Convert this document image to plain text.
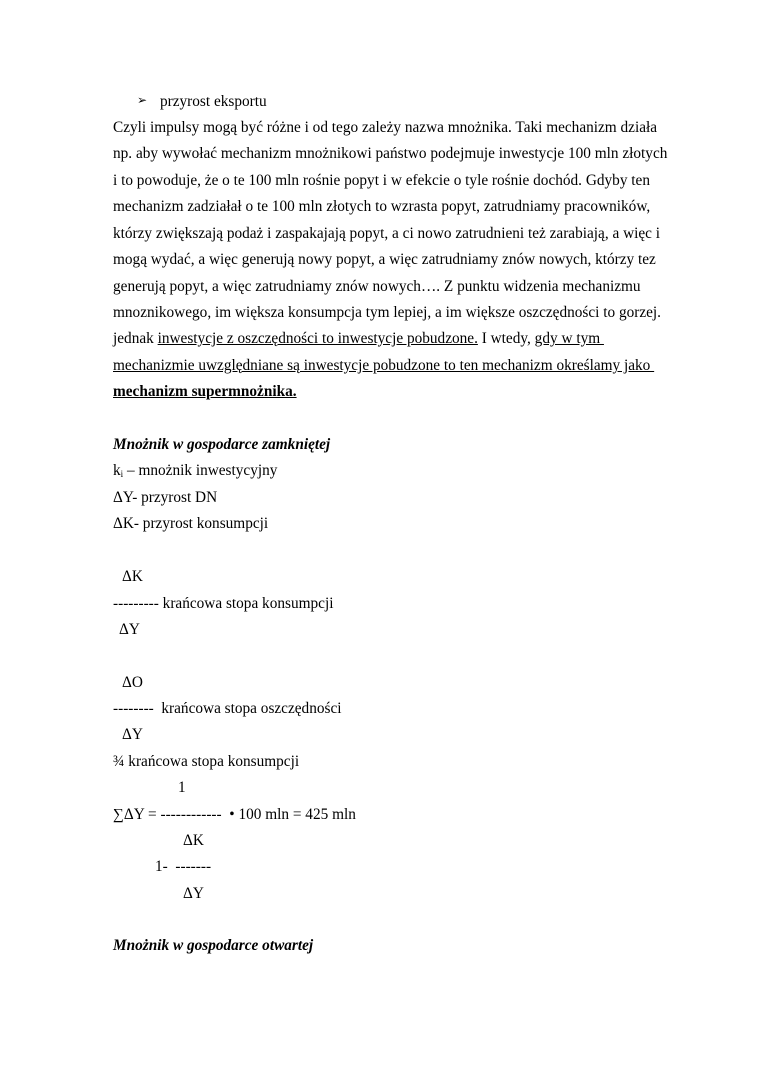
➢ przyrost eksportu
Czyli impulsy mogą być różne i od tego zależy nazwa mnożnika. Taki mechanizm działa
np. aby wywołać mechanizm mnożnikowi państwo podejmuje inwestycje 100 mln złotych
i to powoduje, że o te 100 mln rośnie popyt i w efekcie o tyle rośnie dochód. Gdyby ten
mechanizm zadziałał o te 100 mln złotych to wzrasta popyt, zatrudniamy pracowników,
którzy zwiększają podaż i zaspakajają popyt, a ci nowo zatrudnieni też zarabiają, a więc i
mogą wydać, a więc generują nowy popyt, a więc zatrudniamy znów nowych, którzy tez
generują popyt, a więc zatrudniamy znów nowych…. Z punktu widzenia mechanizmu
mnoznikowego, im większa konsumpcja tym lepiej, a im większe oszczędności to gorzej.
jednak inwestycje z oszczędności to inwestycje pobudzone. I wtedy, gdy w tym
mechanizmie uwzględniane są inwestycje pobudzone to ten mechanizm określamy jako
mechanizm supermnożnika.
Mnożnik w gospodarce zamkniętej
$k_i$ – mnożnik inwestycyjny
ΔY- przyrost DN
ΔK- przyrost konsumpcji
ΔK
--------- krańcowa stopa konsumpcji
ΔY
ΔO
--------  krańcowa stopa oszczędności
ΔY
¾ krańcowa stopa konsumpcji
1
∑ΔY = ------------  • 100 mln = 425 mln
ΔK
1-  -------
ΔY
Mnożnik w gospodarce otwartej
